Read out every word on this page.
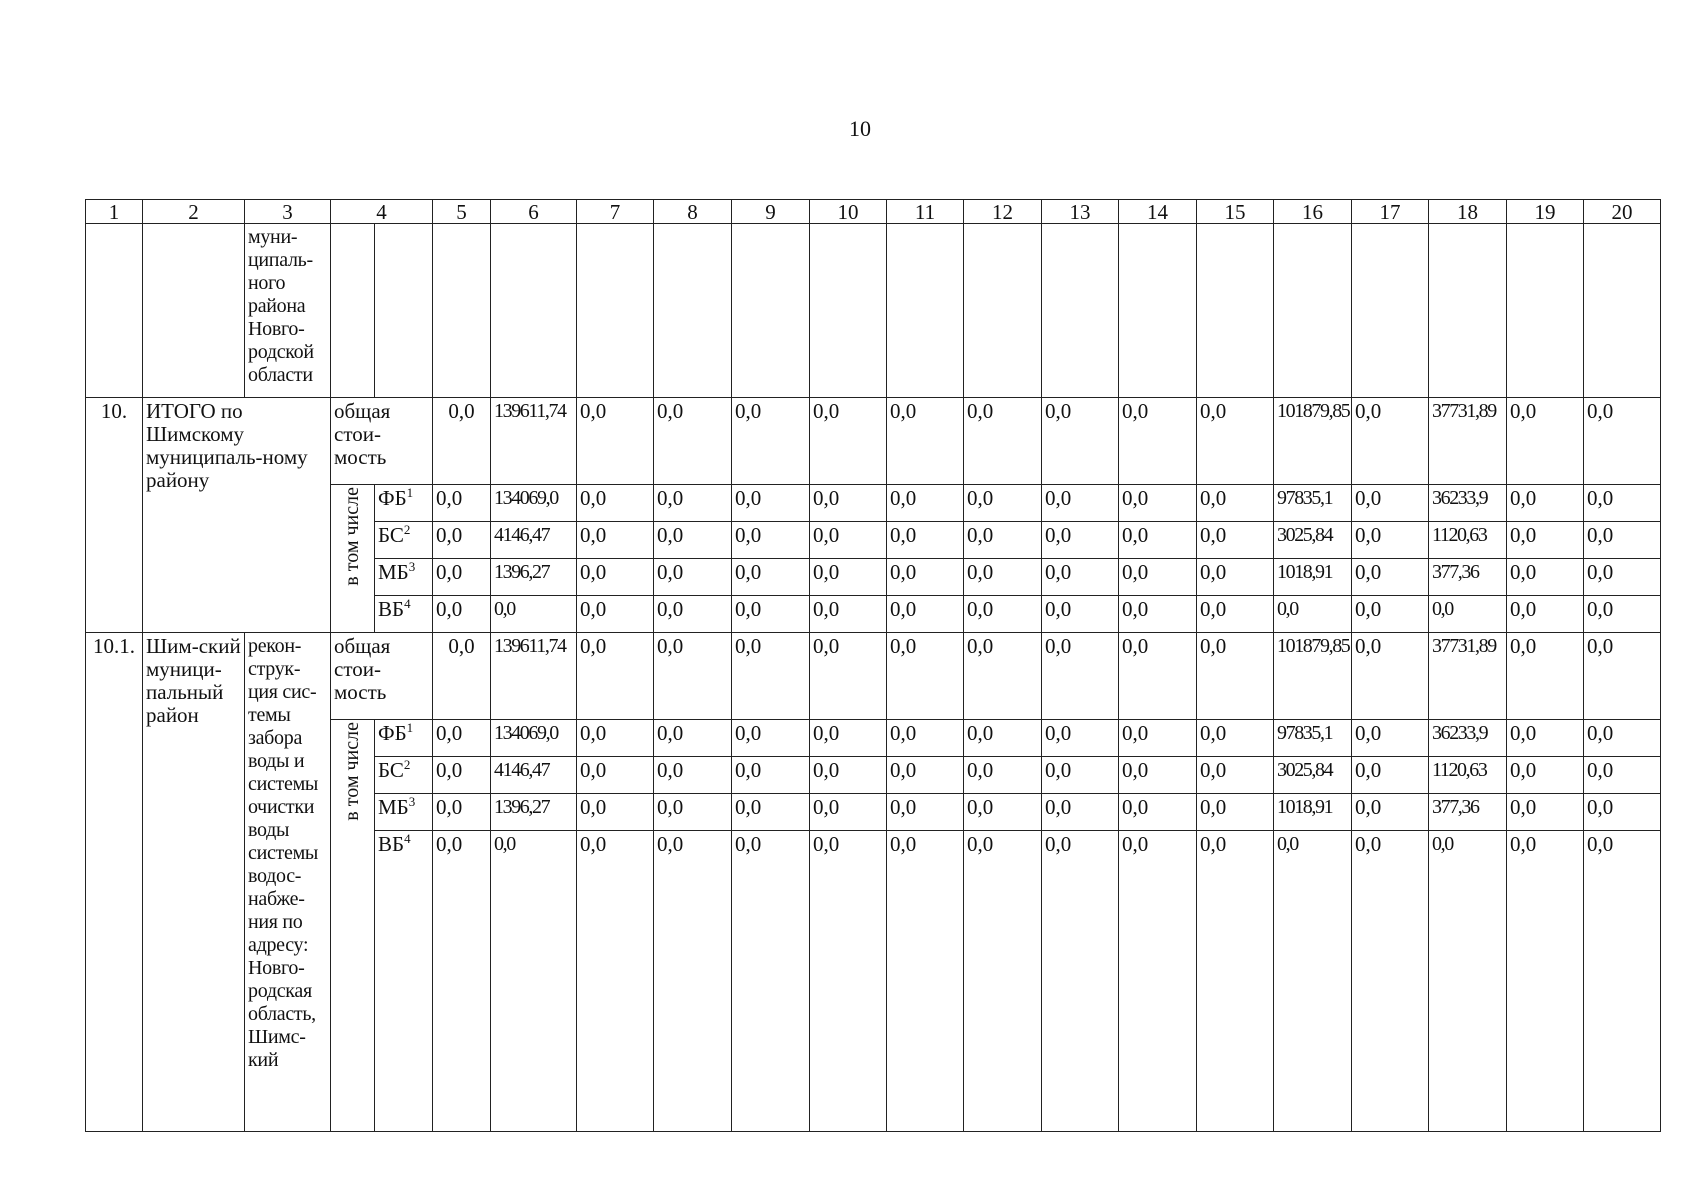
10
1	2	3	4		5	6	7	8	9	10	11	12	13	14	15	16	17	18	19	20
		муни-ципаль-ного района Новго-родской области																		
10.	ИТОГО по Шимскому муниципаль-ному району		общая стои-мость		0,0	139611,74	0,0	0,0	0,0	0,0	0,0	0,0	0,0	0,0	0,0	101879,85	0,0	37731,89	0,0	0,0
			в том числе	$ФБ^1$	0,0	134069,0	0,0	0,0	0,0	0,0	0,0	0,0	0,0	0,0	0,0	97835,1	0,0	36233,9	0,0	0,0
				$БС^2$	0,0	4146,47	0,0	0,0	0,0	0,0	0,0	0,0	0,0	0,0	0,0	3025,84	0,0	1120,63	0,0	0,0
				$МБ^3$	0,0	1396,27	0,0	0,0	0,0	0,0	0,0	0,0	0,0	0,0	0,0	1018,91	0,0	377,36	0,0	0,0
				$ВБ^4$	0,0	0,0	0,0	0,0	0,0	0,0	0,0	0,0	0,0	0,0	0,0	0,0	0,0	0,0	0,0	0,0
10.1.	Шим-ский муници-пальный район	рекон-струк-ция сис-темы забора воды и системы очистки воды системы водос-набже-ния по адресу: Новго-родская область, Шимс-кий	общая стои-мость		0,0	139611,74	0,0	0,0	0,0	0,0	0,0	0,0	0,0	0,0	0,0	101879,85	0,0	37731,89	0,0	0,0
			в том числе	$ФБ^1$	0,0	134069,0	0,0	0,0	0,0	0,0	0,0	0,0	0,0	0,0	0,0	97835,1	0,0	36233,9	0,0	0,0
				$БС^2$	0,0	4146,47	0,0	0,0	0,0	0,0	0,0	0,0	0,0	0,0	0,0	3025,84	0,0	1120,63	0,0	0,0
				$МБ^3$	0,0	1396,27	0,0	0,0	0,0	0,0	0,0	0,0	0,0	0,0	0,0	1018,91	0,0	377,36	0,0	0,0
				$ВБ^4$	0,0	0,0	0,0	0,0	0,0	0,0	0,0	0,0	0,0	0,0	0,0	0,0	0,0	0,0	0,0	0,0
